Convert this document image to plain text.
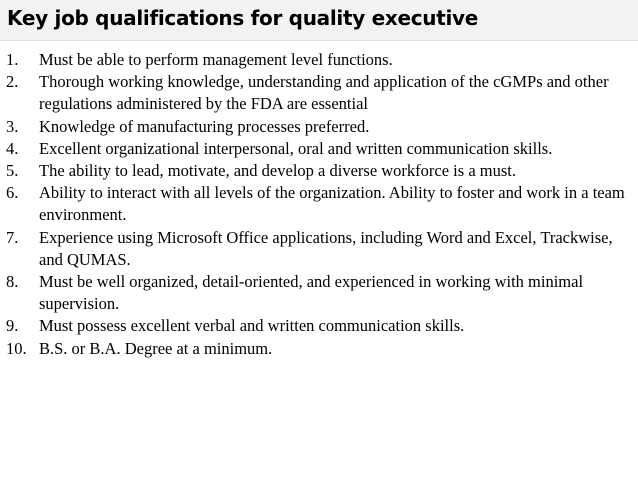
Key job qualifications for quality executive
1. Must be able to perform management level functions.
2. Thorough working knowledge, understanding and application of the cGMPs and other regulations administered by the FDA are essential
3. Knowledge of manufacturing processes preferred.
4. Excellent organizational interpersonal, oral and written communication skills.
5. The ability to lead, motivate, and develop a diverse workforce is a must.
6. Ability to interact with all levels of the organization. Ability to foster and work in a team environment.
7. Experience using Microsoft Office applications, including Word and Excel, Trackwise, and QUMAS.
8. Must be well organized, detail-oriented, and experienced in working with minimal supervision.
9. Must possess excellent verbal and written communication skills.
10. B.S. or B.A. Degree at a minimum.
